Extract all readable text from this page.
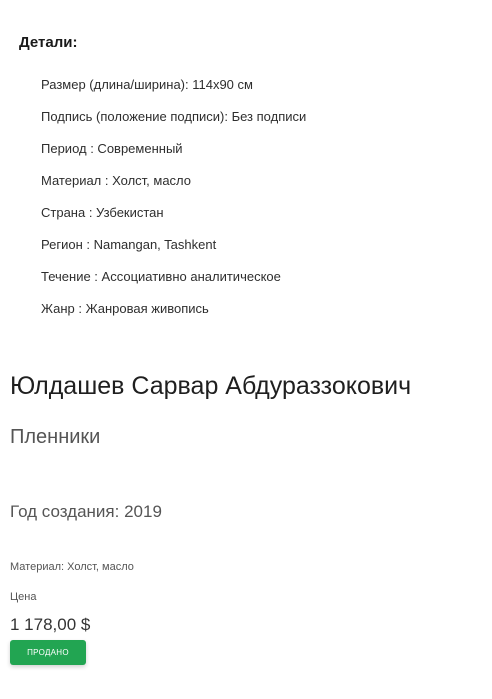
Детали:
Размер (длина/ширина): 114x90 см
Подпись (положение подписи): Без подписи
Период : Современный
Материал : Холст, масло
Страна : Узбекистан
Регион : Namangan, Tashkent
Течение : Ассоциативно аналитическое
Жанр : Жанровая живопись
Юлдашев Сарвар Абдураззокович
Пленники
Год создания: 2019
Материал: Холст, масло
Цена
1 178,00 $
ПРОДАНО
